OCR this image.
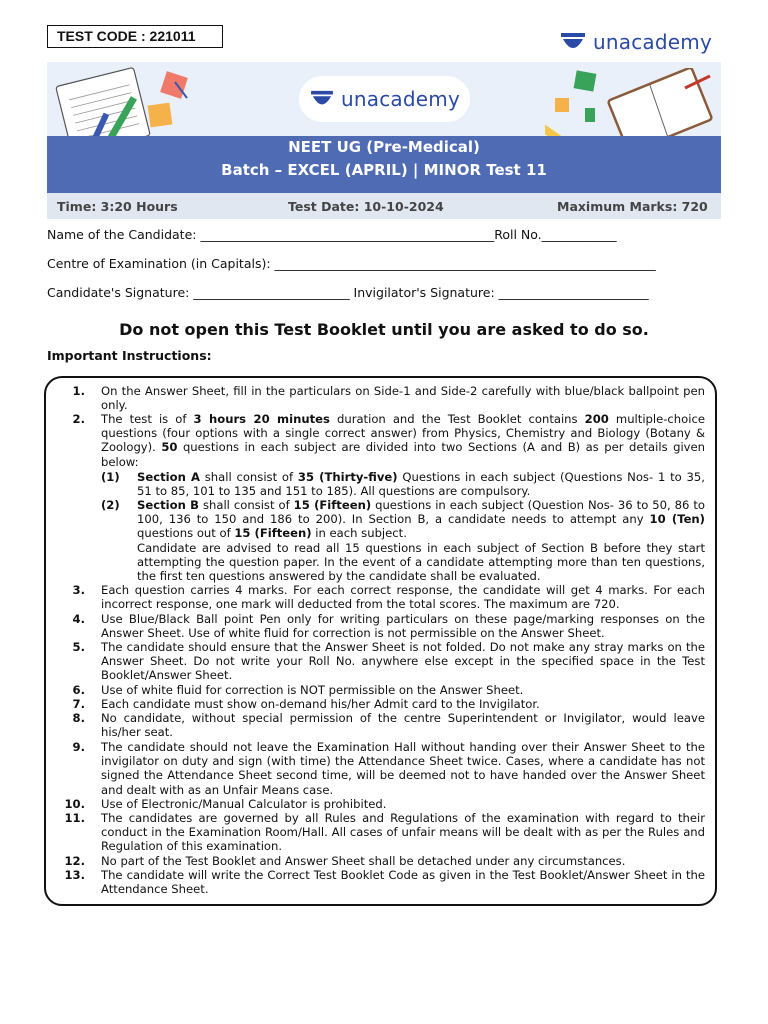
TEST CODE : 221011	unacademy
unacademy
NEET UG (Pre-Medical)
Batch – EXCEL (APRIL) | MINOR Test 11
Time: 3:20 Hours	Test Date: 10-10-2024	Maximum Marks: 720
Name of the Candidate: _______________________________________________Roll No.____________
Centre of Examination (in Capitals): _____________________________________________________________
Candidate's Signature: _________________________ Invigilator's Signature: ________________________
Do not open this Test Booklet until you are asked to do so.
Important Instructions:
1. On the Answer Sheet, fill in the particulars on Side-1 and Side-2 carefully with blue/black ballpoint pen only.
2. The test is of 3 hours 20 minutes duration and the Test Booklet contains 200 multiple-choice questions (four options with a single correct answer) from Physics, Chemistry and Biology (Botany & Zoology). 50 questions in each subject are divided into two Sections (A and B) as per details given below:
(1) Section A shall consist of 35 (Thirty-five) Questions in each subject (Questions Nos- 1 to 35, 51 to 85, 101 to 135 and 151 to 185). All questions are compulsory.
(2) Section B shall consist of 15 (Fifteen) questions in each subject (Question Nos- 36 to 50, 86 to 100, 136 to 150 and 186 to 200). In Section B, a candidate needs to attempt any 10 (Ten) questions out of 15 (Fifteen) in each subject.
Candidate are advised to read all 15 questions in each subject of Section B before they start attempting the question paper. In the event of a candidate attempting more than ten questions, the first ten questions answered by the candidate shall be evaluated.
3. Each question carries 4 marks. For each correct response, the candidate will get 4 marks. For each incorrect response, one mark will deducted from the total scores. The maximum are 720.
4. Use Blue/Black Ball point Pen only for writing particulars on these page/marking responses on the Answer Sheet. Use of white fluid for correction is not permissible on the Answer Sheet.
5. The candidate should ensure that the Answer Sheet is not folded. Do not make any stray marks on the Answer Sheet. Do not write your Roll No. anywhere else except in the specified space in the Test Booklet/Answer Sheet.
6. Use of white fluid for correction is NOT permissible on the Answer Sheet.
7. Each candidate must show on-demand his/her Admit card to the Invigilator.
8. No candidate, without special permission of the centre Superintendent or Invigilator, would leave his/her seat.
9. The candidate should not leave the Examination Hall without handing over their Answer Sheet to the invigilator on duty and sign (with time) the Attendance Sheet twice. Cases, where a candidate has not signed the Attendance Sheet second time, will be deemed not to have handed over the Answer Sheet and dealt with as an Unfair Means case.
10. Use of Electronic/Manual Calculator is prohibited.
11. The candidates are governed by all Rules and Regulations of the examination with regard to their conduct in the Examination Room/Hall. All cases of unfair means will be dealt with as per the Rules and Regulation of this examination.
12. No part of the Test Booklet and Answer Sheet shall be detached under any circumstances.
13. The candidate will write the Correct Test Booklet Code as given in the Test Booklet/Answer Sheet in the Attendance Sheet.
